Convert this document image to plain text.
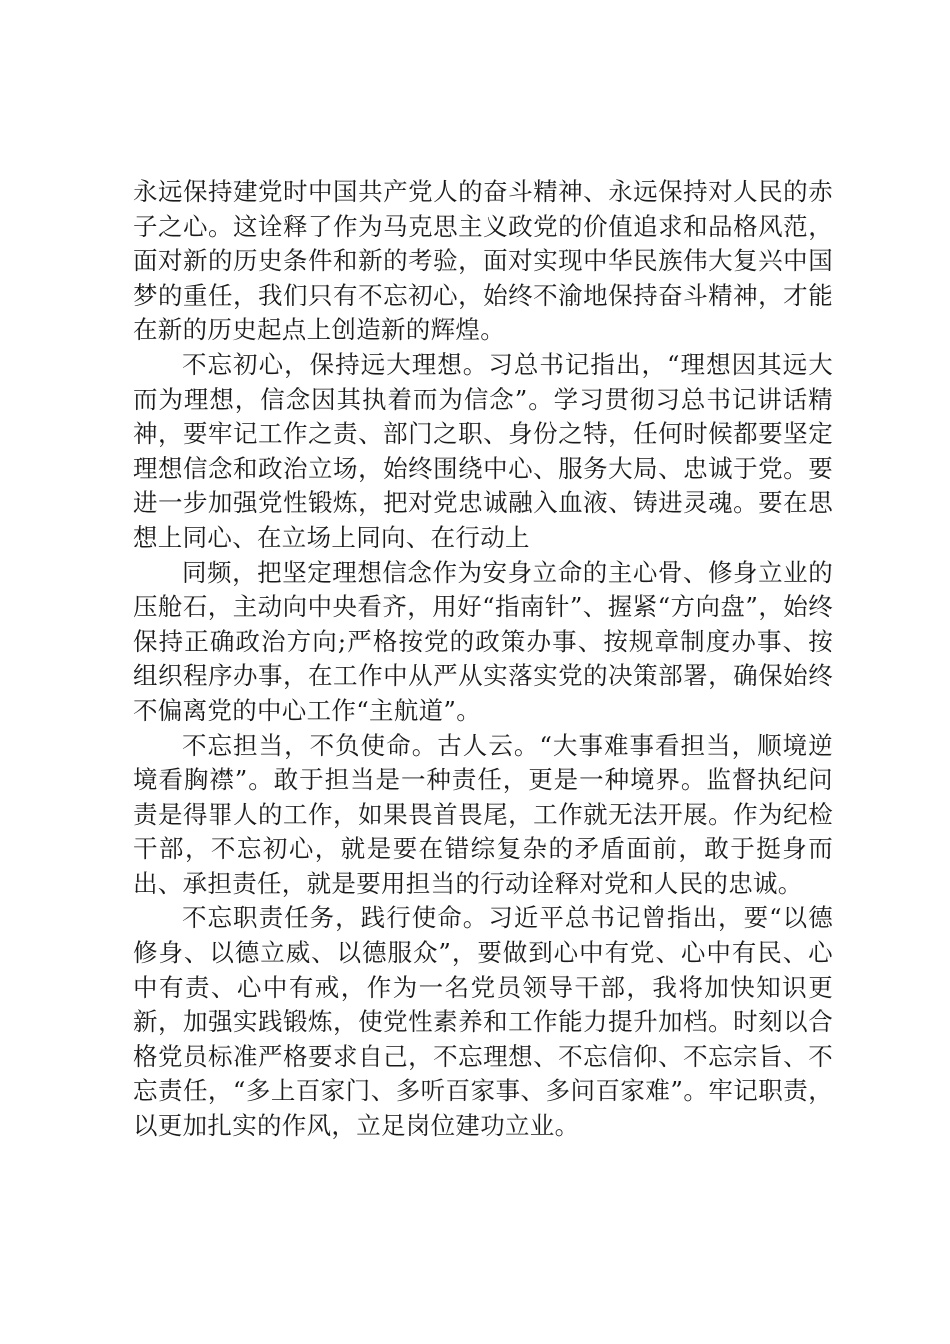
永远保持建党时中国共产党人的奋斗精神、永远保持对人民的赤子之心。这诠释了作为马克思主义政党的价值追求和品格风范，面对新的历史条件和新的考验，面对实现中华民族伟大复兴中国梦的重任，我们只有不忘初心，始终不渝地保持奋斗精神，才能在新的历史起点上创造新的辉煌。

不忘初心，保持远大理想。习总书记指出，“理想因其远大而为理想，信念因其执着而为信念”。学习贯彻习总书记讲话精神，要牢记工作之责、部门之职、身份之特，任何时候都要坚定理想信念和政治立场，始终围绕中心、服务大局、忠诚于党。要进一步加强党性锻炼，把对党忠诚融入血液、铸进灵魂。要在思想上同心、在立场上同向、在行动上

同频，把坚定理想信念作为安身立命的主心骨、修身立业的压舱石，主动向中央看齐，用好“指南针”、握紧“方向盘”，始终保持正确政治方向;严格按党的政策办事、按规章制度办事、按组织程序办事，在工作中从严从实落实党的决策部署，确保始终不偏离党的中心工作“主航道”。

不忘担当，不负使命。古人云。“大事难事看担当，顺境逆境看胸襟”。敢于担当是一种责任，更是一种境界。监督执纪问责是得罪人的工作，如果畏首畏尾，工作就无法开展。作为纪检干部，不忘初心，就是要在错综复杂的矛盾面前，敢于挺身而出、承担责任，就是要用担当的行动诠释对党和人民的忠诚。

不忘职责任务，践行使命。习近平总书记曾指出，要“以德修身、以德立威、以德服众”，要做到心中有党、心中有民、心中有责、心中有戒，作为一名党员领导干部，我将加快知识更新，加强实践锻炼，使党性素养和工作能力提升加档。时刻以合格党员标准严格要求自己，不忘理想、不忘信仰、不忘宗旨、不忘责任，“多上百家门、多听百家事、多问百家难”。牢记职责，以更加扎实的作风，立足岗位建功立业。
